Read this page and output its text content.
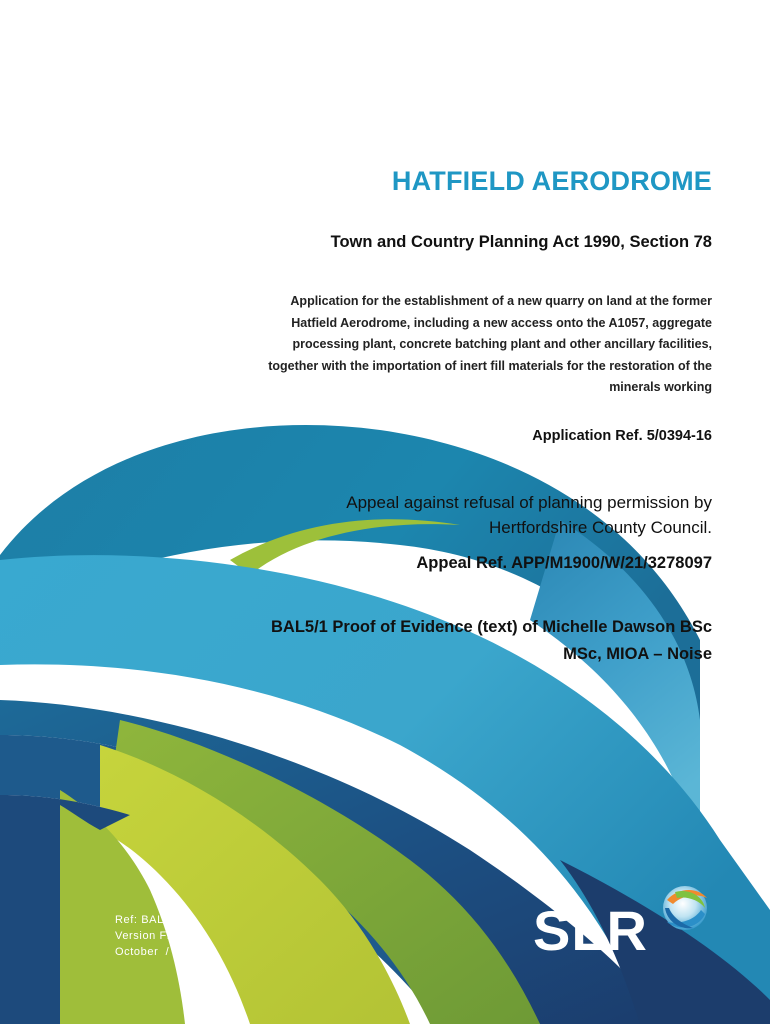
HATFIELD AERODROME
Town and Country Planning Act 1990, Section 78
Application for the establishment of a new quarry on land at the former Hatfield Aerodrome, including a new access onto the A1057, aggregate processing plant, concrete batching plant and other ancillary facilities, together with the importation of inert fill materials for the restoration of the minerals working
Application Ref. 5/0394-16
Appeal against refusal of planning permission by Hertfordshire County Council.
Appeal Ref. APP/M1900/W/21/3278097
BAL5/1 Proof of Evidence (text) of Michelle Dawson BSc MSc, MIOA – Noise
Ref: BAL5/1
Version Final
October  / 2021	SLR
